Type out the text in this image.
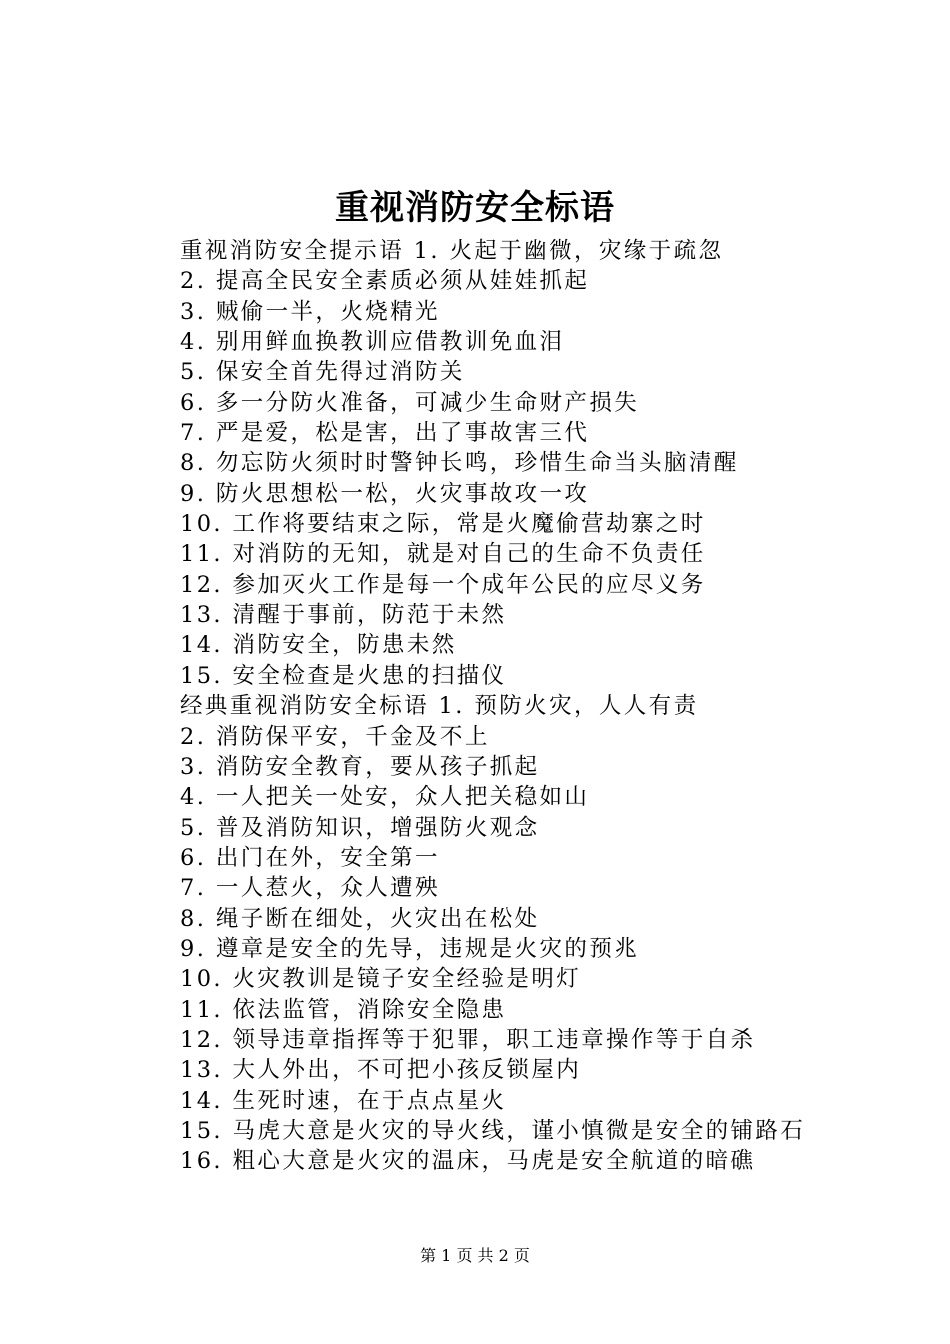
重视消防安全标语
重视消防安全提示语 1. 火起于幽微，灾缘于疏忽
2. 提高全民安全素质必须从娃娃抓起
3. 贼偷一半，火烧精光
4. 别用鲜血换教训应借教训免血泪
5. 保安全首先得过消防关
6. 多一分防火准备，可减少生命财产损失
7. 严是爱，松是害，出了事故害三代
8. 勿忘防火须时时警钟长鸣，珍惜生命当头脑清醒
9. 防火思想松一松，火灾事故攻一攻
10. 工作将要结束之际，常是火魔偷营劫寨之时
11. 对消防的无知，就是对自己的生命不负责任
12. 参加灭火工作是每一个成年公民的应尽义务
13. 清醒于事前，防范于未然
14. 消防安全，防患未然
15. 安全检查是火患的扫描仪
经典重视消防安全标语 1. 预防火灾，人人有责
2. 消防保平安，千金及不上
3. 消防安全教育，要从孩子抓起
4. 一人把关一处安，众人把关稳如山
5. 普及消防知识，增强防火观念
6. 出门在外，安全第一
7. 一人惹火，众人遭殃
8. 绳子断在细处，火灾出在松处
9. 遵章是安全的先导，违规是火灾的预兆
10. 火灾教训是镜子安全经验是明灯
11. 依法监管，消除安全隐患
12. 领导违章指挥等于犯罪，职工违章操作等于自杀
13. 大人外出，不可把小孩反锁屋内
14. 生死时速，在于点点星火
15. 马虎大意是火灾的导火线，谨小慎微是安全的铺路石
16. 粗心大意是火灾的温床，马虎是安全航道的暗礁
第 1 页 共 2 页
